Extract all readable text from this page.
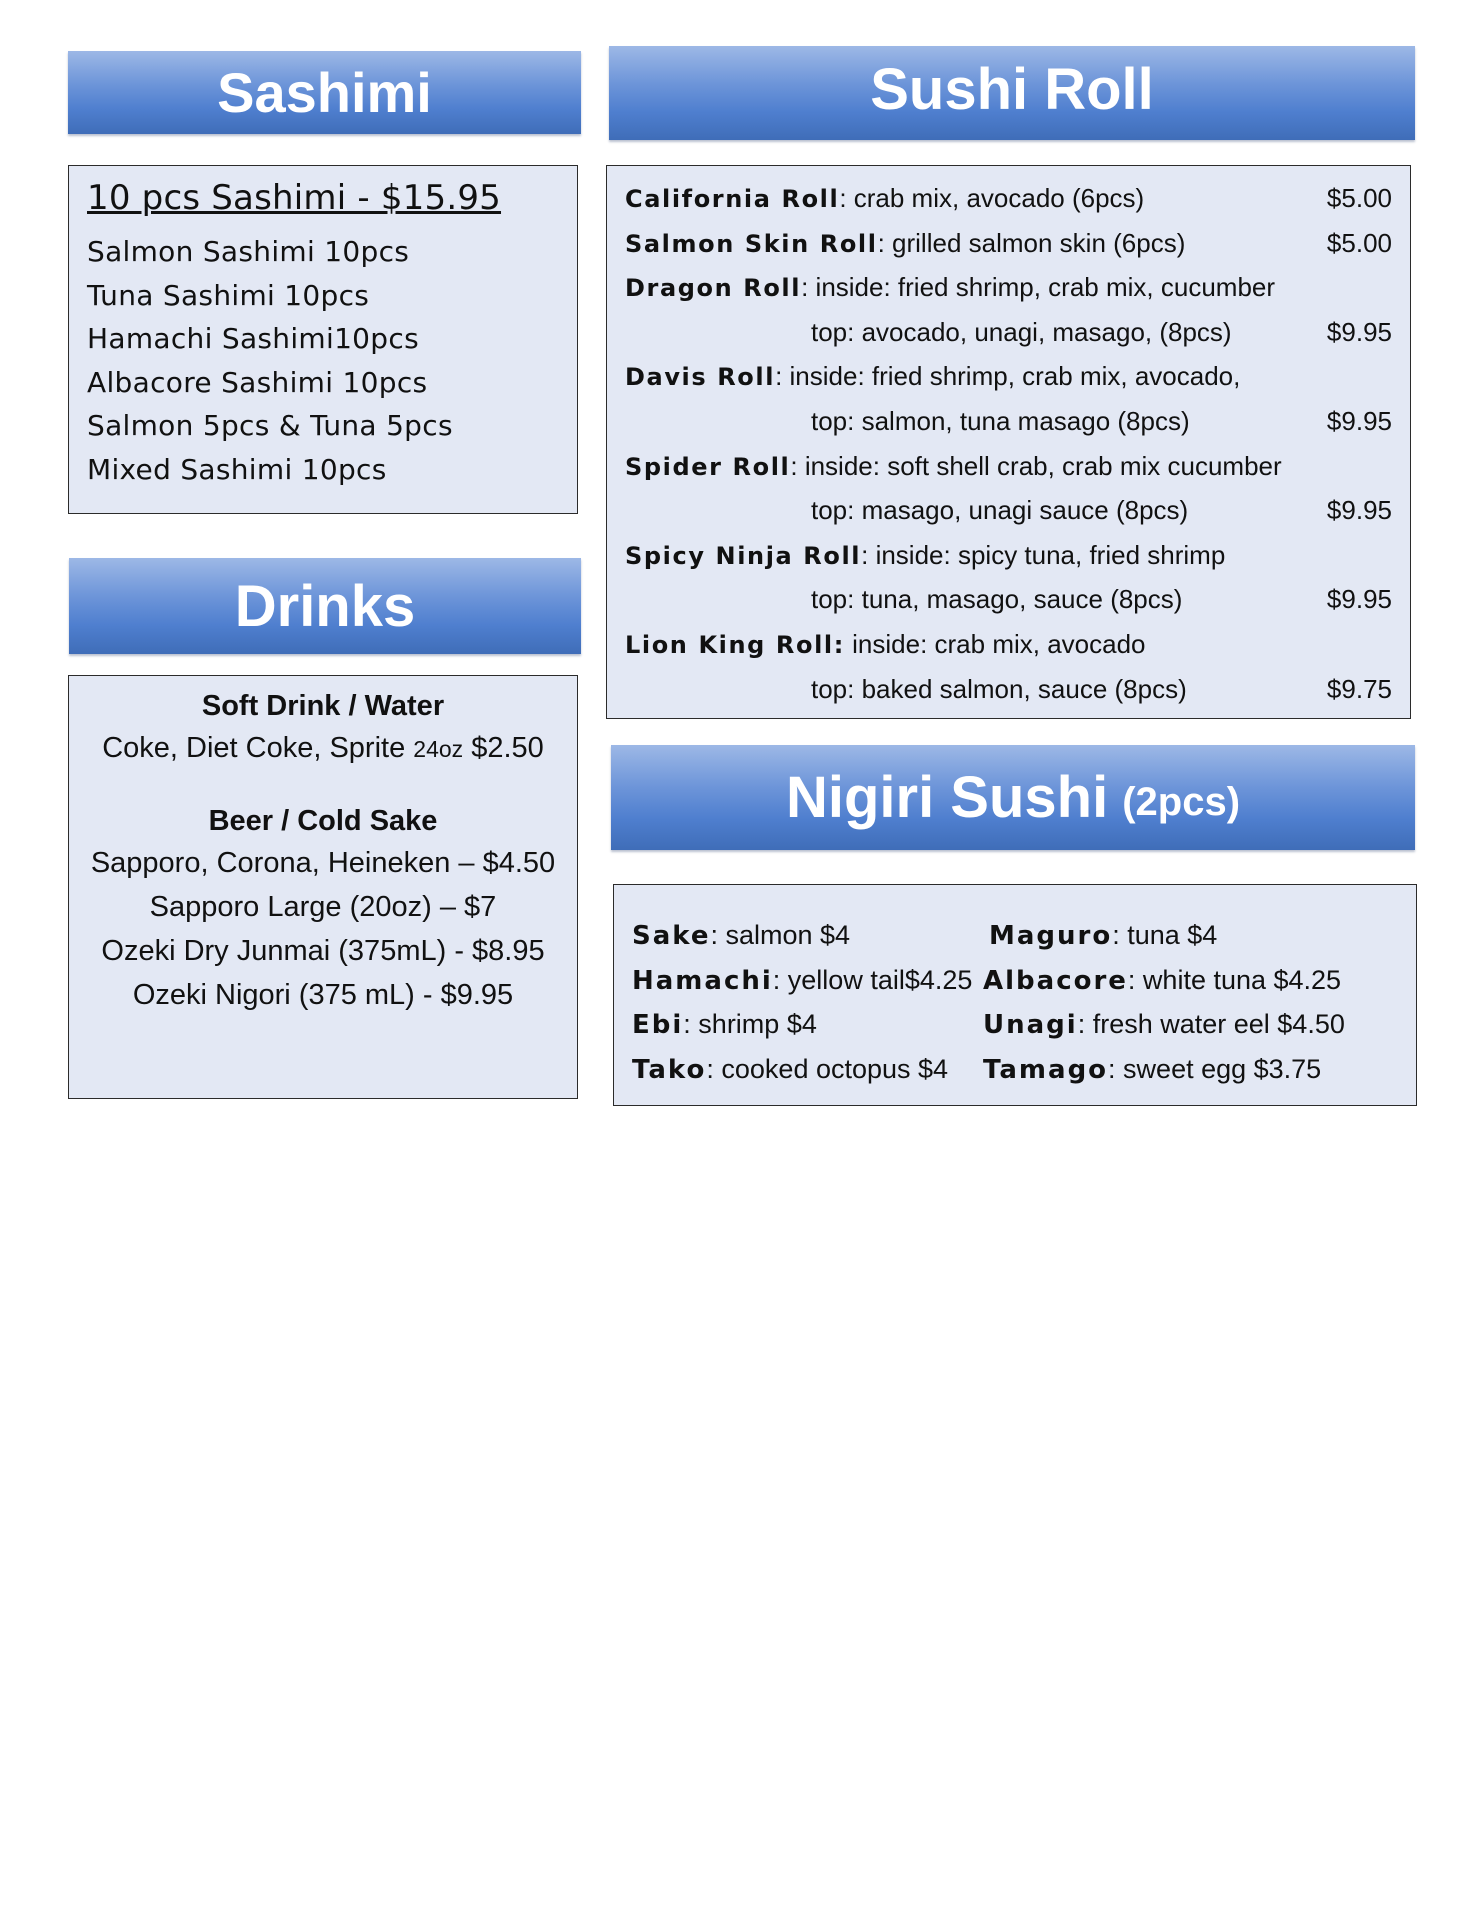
Sashimi	Sushi Roll
Drinks
Nigiri Sushi (2pcs)
10 pcs Sashimi - $15.95
Salmon Sashimi 10pcs
Tuna Sashimi 10pcs
Hamachi Sashimi10pcs
Albacore Sashimi 10pcs
Salmon 5pcs & Tuna 5pcs
Mixed Sashimi 10pcs
Soft Drink / Water
Coke, Diet Coke, Sprite 24oz $2.50
Beer / Cold Sake
Sapporo, Corona, Heineken – $4.50
Sapporo Large (20oz) – $7
Ozeki Dry Junmai (375mL) - $8.95
Ozeki Nigori (375 mL) - $9.95
California Roll: crab mix, avocado (6pcs)	$5.00
Salmon Skin Roll: grilled salmon skin (6pcs)	$5.00
Dragon Roll: inside: fried shrimp, crab mix, cucumber
top: avocado, unagi, masago, (8pcs)	$9.95
Davis Roll: inside: fried shrimp, crab mix, avocado,
top: salmon, tuna masago (8pcs)	$9.95
Spider Roll: inside: soft shell crab, crab mix cucumber
top: masago, unagi sauce (8pcs)	$9.95
Spicy Ninja Roll: inside: spicy tuna, fried shrimp
top: tuna, masago, sauce (8pcs)	$9.95
Lion King Roll: inside: crab mix, avocado
top: baked salmon, sauce (8pcs)	$9.75
Sake: salmon $4	Maguro: tuna $4
Hamachi: yellow tail$4.25 Albacore: white tuna $4.25
Ebi: shrimp $4	Unagi: fresh water eel $4.50
Tako: cooked octopus $4 Tamago: sweet egg $3.75
